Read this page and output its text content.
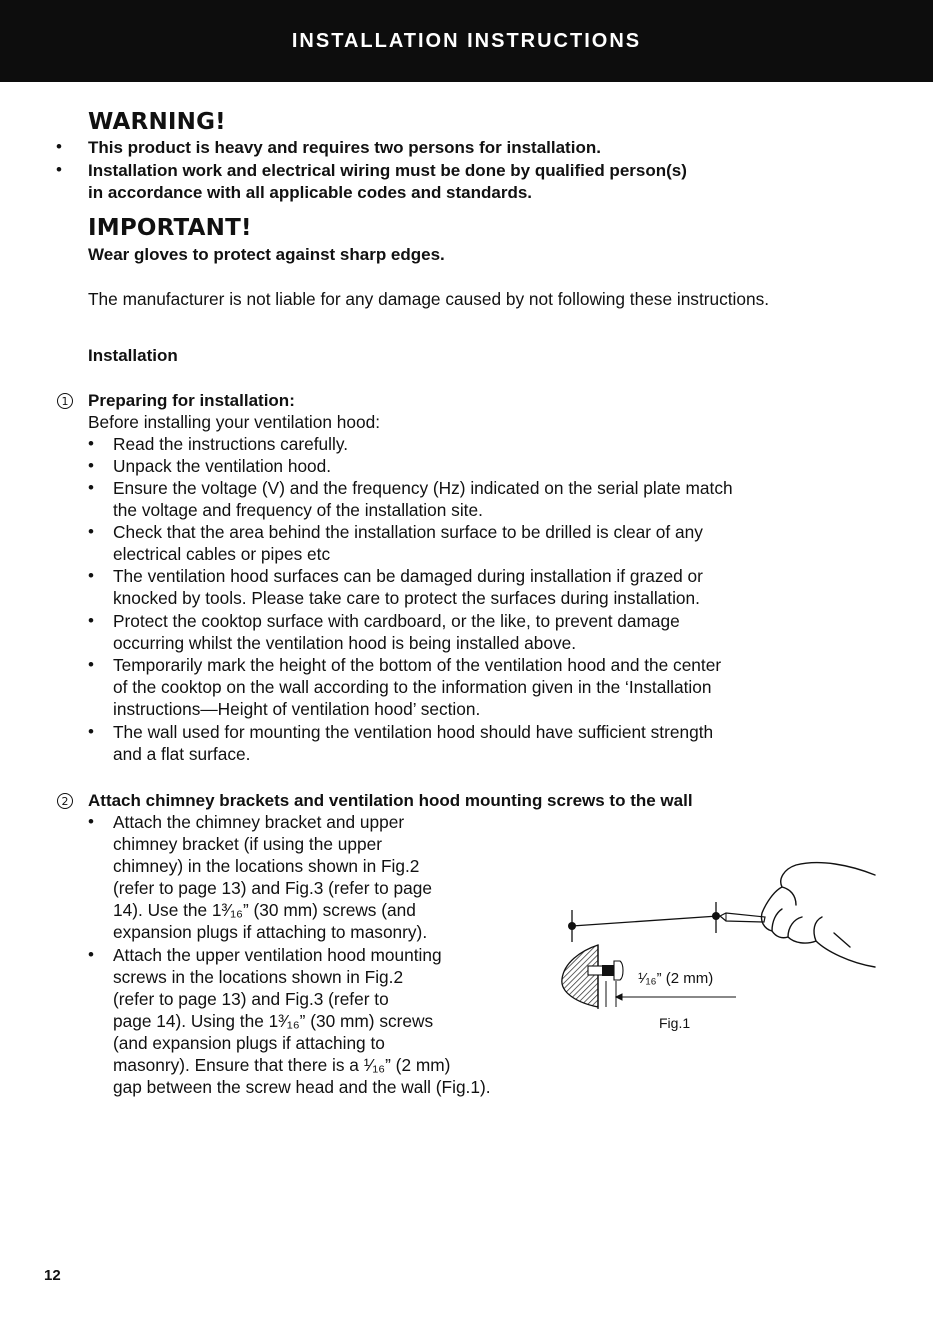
INSTALLATION INSTRUCTIONS
WARNING!
• This product is heavy and requires two persons for installation.
• Installation work and electrical wiring must be done by qualified person(s)
in accordance with all applicable codes and standards.
IMPORTANT!
Wear gloves to protect against sharp edges.
The manufacturer is not liable for any damage caused by not following these instructions.
Installation
1 Preparing for installation:
Before installing your ventilation hood:
• Read the instructions carefully.
• Unpack the ventilation hood.
• Ensure the voltage (V) and the frequency (Hz) indicated on the serial plate match
the voltage and frequency of the installation site.
• Check that the area behind the installation surface to be drilled is clear of any
electrical cables or pipes etc
• The ventilation hood surfaces can be damaged during installation if grazed or
knocked by tools. Please take care to protect the surfaces during installation.
• Protect the cooktop surface with cardboard, or the like, to prevent damage
occurring whilst the ventilation hood is being installed above.
• Temporarily mark the height of the bottom of the ventilation hood and the center
of the cooktop on the wall according to the information given in the ‘Installation
instructions—Height of ventilation hood’ section.
• The wall used for mounting the ventilation hood should have sufficient strength
and a flat surface.
2 Attach chimney brackets and ventilation hood mounting screws to the wall
• Attach the chimney bracket and upper
chimney bracket (if using the upper
chimney) in the locations shown in Fig.2
(refer to page 13) and Fig.3 (refer to page
14). Use the 1³⁄₁₆” (30 mm) screws (and
expansion plugs if attaching to masonry).
• Attach the upper ventilation hood mounting
screws in the locations shown in Fig.2
(refer to page 13) and Fig.3 (refer to
page 14). Using the 1³⁄₁₆” (30 mm) screws
(and expansion plugs if attaching to
masonry). Ensure that there is a ¹⁄₁₆” (2 mm)
gap between the screw head and the wall (Fig.1).
¹⁄₁₆” (2 mm)
Fig.1
12
